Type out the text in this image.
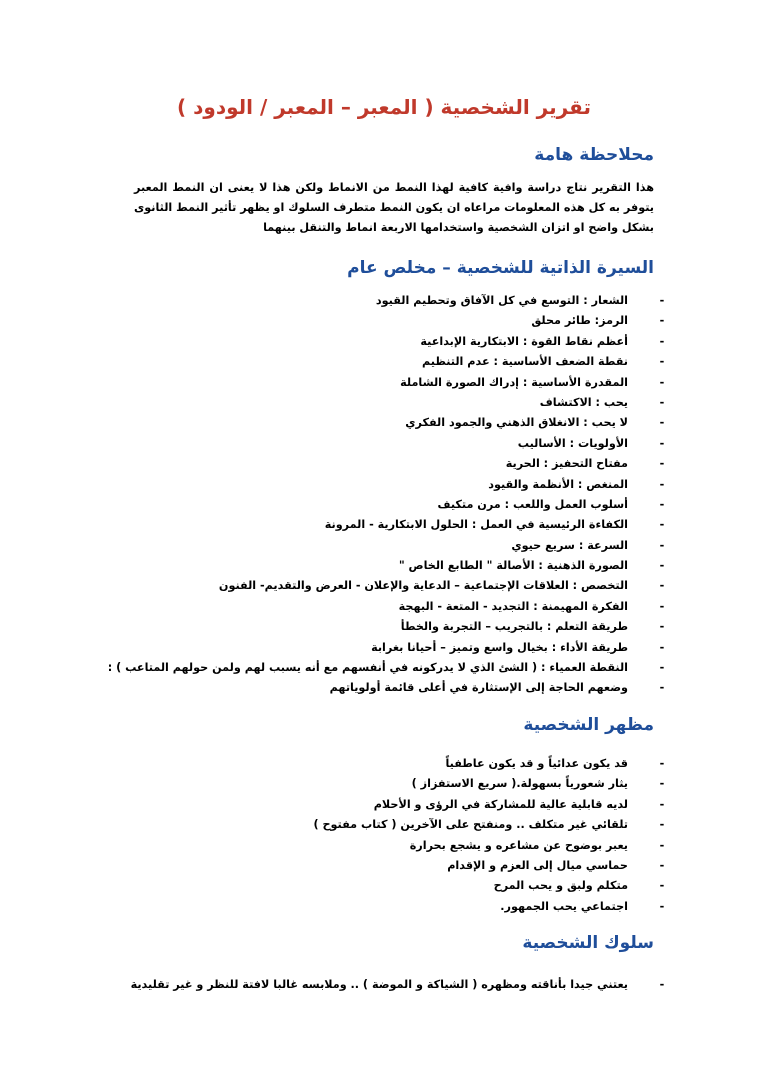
تقرير الشخصية ( المعبر – المعبر / الودود )
محلاحظة هامة
هذا التقرير نتاج دراسة وافية كافية لهذا النمط من الانماط ولكن هذا لا يعنى ان النمط المعبر يتوفر به كل هذه المعلومات مراعاه ان يكون النمط متطرف السلوك او يظهر تأثير النمط الثانوى بشكل واضح او اتزان الشخصية واستخدامها الاربعة انماط والتنقل بينهما
السيرة الذاتية للشخصية – مخلص عام
-
الشعار : التوسع في كل الآفاق وتحطيم القيود
-
الرمز: طائر محلق
-
أعظم نقاط القوة : الابتكارية الإبداعية
-
نقطة الضعف الأساسية : عدم التنظيم
-
المقدرة الأساسية : إدراك الصورة الشاملة
-
يحب : الاكتشاف
-
لا يحب : الانغلاق الذهني والجمود الفكري
-
الأولويات : الأساليب
-
مفتاح التحفيز : الحرية
-
المنغص : الأنظمة والقيود
-
أسلوب العمل واللعب : مرن متكيف
-
الكفاءة الرئيسية في العمل : الحلول الابتكارية - المرونة
-
السرعة : سريع حيوي
-
الصورة الذهنية : الأصالة " الطابع الخاص "
-
التخصص : العلاقات الإجتماعية – الدعاية والإعلان - العرض والتقديم- الفنون
-
الفكرة المهيمنة : التجديد - المتعة - البهجة
-
طريقة التعلم : بالتجريب – التجربة والخطأ
-
طريقة الأداء : بخيال واسع وتميز – أحيانا بغرابة
-
النقطة العمياء : ( الشئ الذي لا يدركونه في أنفسهم مع أنه يسبب لهم ولمن حولهم المتاعب ) :
-
وضعهم الحاجة إلى الإستثارة في أعلى قائمة أولوياتهم
مظهر الشخصية
-
قد يكون عدائياً و قد يكون عاطفياً
-
يثار شعورياً بسهولة.( سريع الاستفزاز )
-
لديه قابلية عالية للمشاركة في الرؤى و الأحلام
-
تلقائي غير متكلف .. ومنفتح على الآخرين ( كتاب مفتوح )
-
يعبر بوضوح عن مشاعره و يشجع بحرارة
-
حماسي ميال إلى العزم و الإقدام
-
متكلم ولبق و يحب المرح
-
اجتماعي يحب الجمهور.
سلوك الشخصية
-
يعتني جيدا بأناقته ومظهره ( الشياكة و الموضة ) .. وملابسه غالبا لافتة للنظر و غير تقليدية
